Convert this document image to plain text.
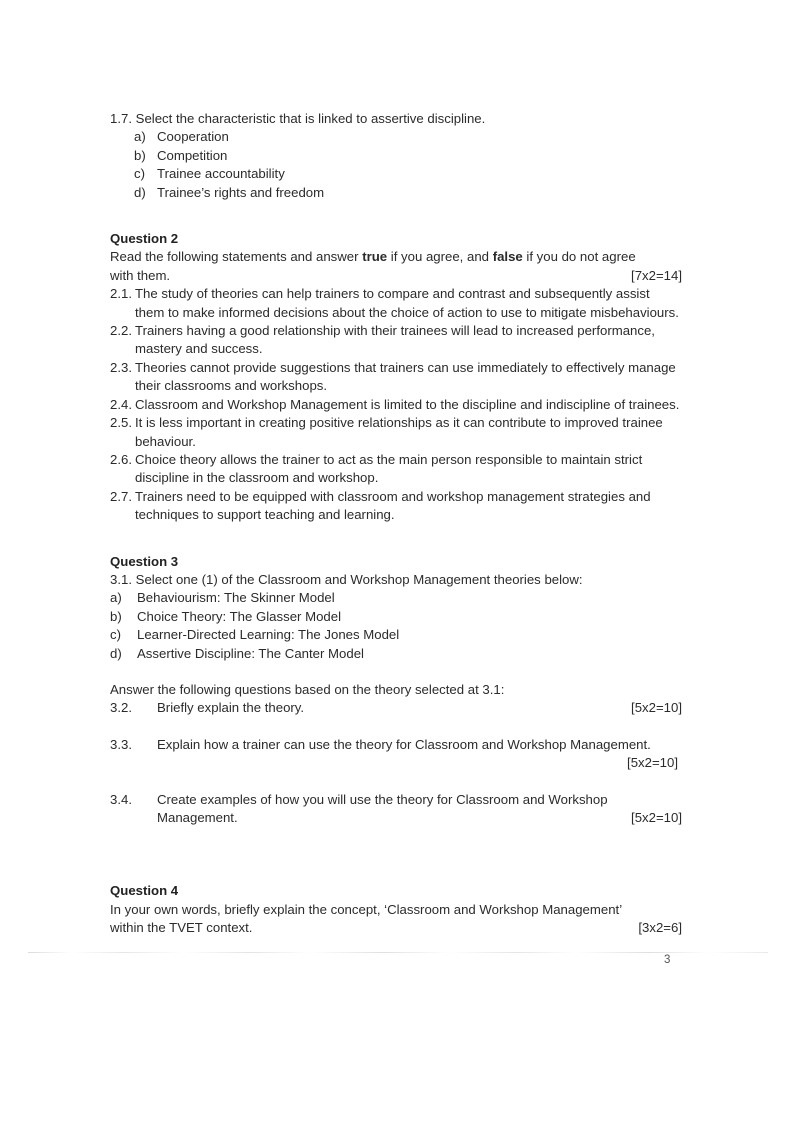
1.7. Select the characteristic that is linked to assertive discipline.
a) Cooperation
b) Competition
c) Trainee accountability
d) Trainee’s rights and freedom
Question 2
Read the following statements and answer true if you agree, and false if you do not agree
with them.	[7x2=14]
2.1. The study of theories can help trainers to compare and contrast and subsequently assist them to make informed decisions about the choice of action to use to mitigate misbehaviours.
2.2. Trainers having a good relationship with their trainees will lead to increased performance, mastery and success.
2.3. Theories cannot provide suggestions that trainers can use immediately to effectively manage their classrooms and workshops.
2.4. Classroom and Workshop Management is limited to the discipline and indiscipline of trainees.
2.5. It is less important in creating positive relationships as it can contribute to improved trainee behaviour.
2.6. Choice theory allows the trainer to act as the main person responsible to maintain strict discipline in the classroom and workshop.
2.7. Trainers need to be equipped with classroom and workshop management strategies and techniques to support teaching and learning.
Question 3
3.1. Select one (1) of the Classroom and Workshop Management theories below:
a) Behaviourism: The Skinner Model
b) Choice Theory: The Glasser Model
c) Learner-Directed Learning: The Jones Model
d) Assertive Discipline: The Canter Model
Answer the following questions based on the theory selected at 3.1:
3.2. Briefly explain the theory.	[5x2=10]
3.3. Explain how a trainer can use the theory for Classroom and Workshop Management.
[5x2=10]
3.4. Create examples of how you will use the theory for Classroom and Workshop
Management.	[5x2=10]
Question 4
In your own words, briefly explain the concept, ‘Classroom and Workshop Management’
within the TVET context.	[3x2=6]
3
